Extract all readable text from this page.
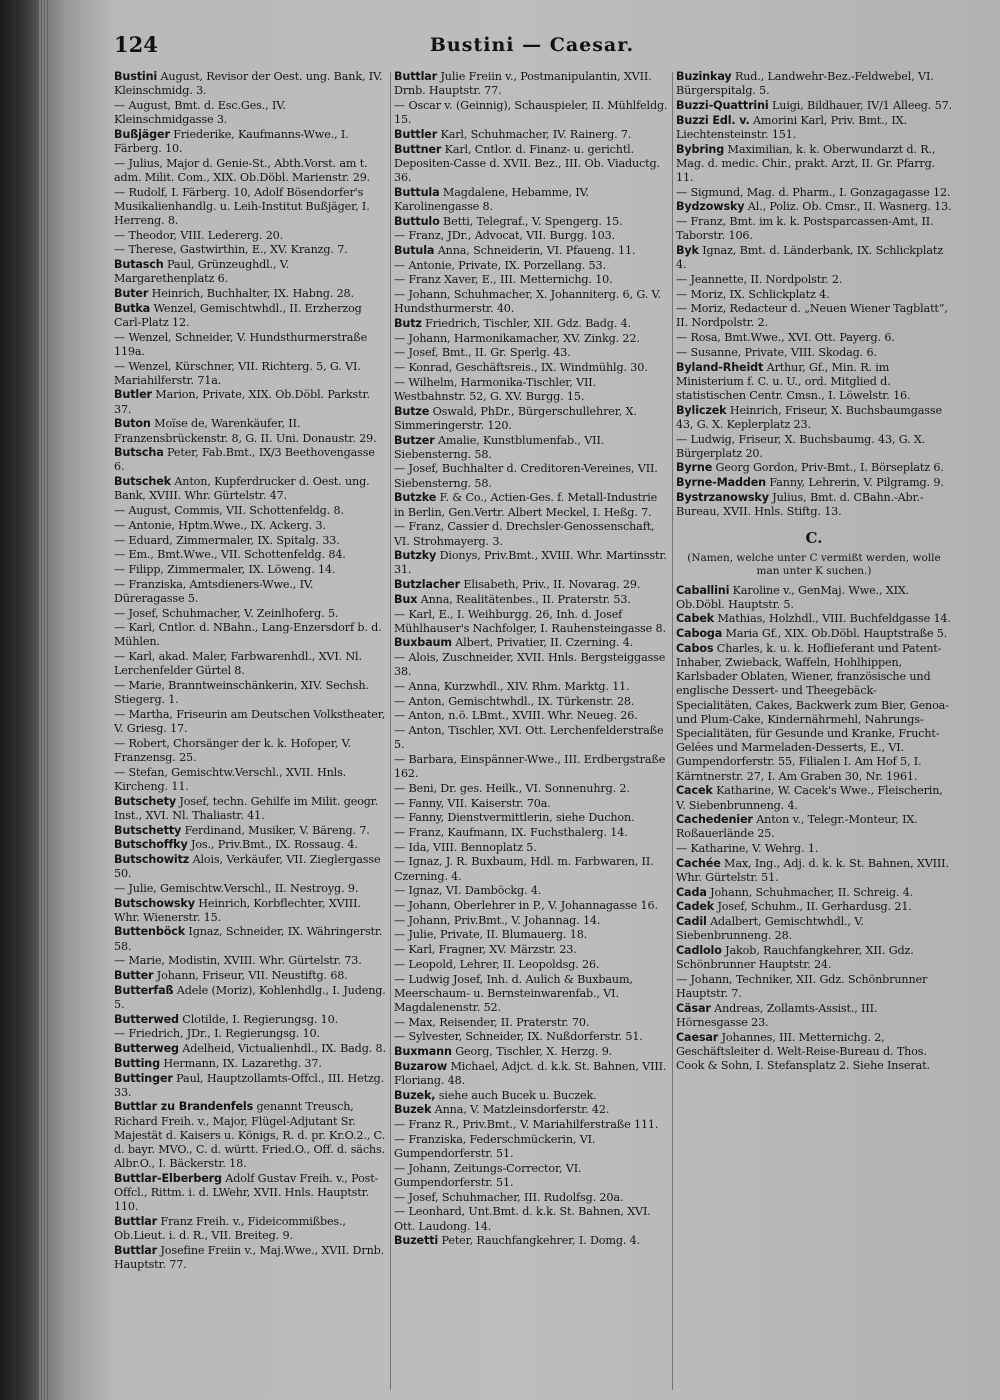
124	Bustini — Caesar.

Bustini August, Revisor der Oest. ung. Bank, IV. Kleinschmidg. 3.

— August, Bmt. d. Esc.Ges., IV. Kleinschmidgasse 3.

Bußjäger Friederike, Kaufmanns-Wwe., I. Färberg. 10.

— Julius, Major d. Genie-St., Abth.Vorst. am t. adm. Milit. Com., XIX. Ob.Döbl. Marienstr. 29.

— Rudolf, I. Färberg. 10, Adolf Bösendorfer's Musikalienhandlg. u. Leih-Institut Bußjäger, I. Herreng. 8.

— Theodor, VIII. Ledererg. 20.

— Therese, Gastwirthin, E., XV. Kranzg. 7.

Butasch Paul, Grünzeughdl., V. Margarethenplatz 6.

Buter Heinrich, Buchhalter, IX. Habng. 28.

Butka Wenzel, Gemischtwhdl., II. Erzherzog Carl-Platz 12.

— Wenzel, Schneider, V. Hundsthurmerstraße 119a.

— Wenzel, Kürschner, VII. Richterg. 5, G. VI. Mariahilferstr. 71a.

Butler Marion, Private, XIX. Ob.Döbl. Parkstr. 37.

Buton Moïse de, Warenkäufer, II. Franzensbrückenstr. 8, G. II. Uni. Donaustr. 29.

Butscha Peter, Fab.Bmt., IX/3 Beethovengasse 6.

Butschek Anton, Kupferdrucker d. Oest. ung. Bank, XVIII. Whr. Gürtelstr. 47.

— August, Commis, VII. Schottenfeldg. 8.

— Antonie, Hptm.Wwe., IX. Ackerg. 3.

— Eduard, Zimmermaler, IX. Spitalg. 33.

— Em., Bmt.Wwe., VII. Schottenfeldg. 84.

— Filipp, Zimmermaler, IX. Löweng. 14.

— Franziska, Amtsdieners-Wwe., IV. Düreragasse 5.

— Josef, Schuhmacher, V. Zeinlhoferg. 5.

— Karl, Cntlor. d. NBahn., Lang-Enzersdorf b. d. Mühlen.

— Karl, akad. Maler, Farbwarenhdl., XVI. Nl. Lerchenfelder Gürtel 8.

— Marie, Branntweinschänkerin, XIV. Sechsh. Stiegerg. 1.

— Martha, Friseurin am Deutschen Volkstheater, V. Griesg. 17.

— Robert, Chorsänger der k. k. Hofoper, V. Franzensg. 25.

— Stefan, Gemischtw.Verschl., XVII. Hnls. Kircheng. 11.

Butschety Josef, techn. Gehilfe im Milit. geogr. Inst., XVI. Nl. Thaliastr. 41.

Butschetty Ferdinand, Musiker, V. Bäreng. 7.

Butschoffky Jos., Priv.Bmt., IX. Rossaug. 4.

Butschowitz Alois, Verkäufer, VII. Zieglergasse 50.

— Julie, Gemischtw.Verschl., II. Nestroyg. 9.

Butschowsky Heinrich, Korbflechter, XVIII. Whr. Wienerstr. 15.

Buttenböck Ignaz, Schneider, IX. Währingerstr. 58.

— Marie, Modistin, XVIII. Whr. Gürtelstr. 73.

Butter Johann, Friseur, VII. Neustiftg. 68.

Butterfaß Adele (Moriz), Kohlenhdlg., I. Judeng. 5.

Butterwed Clotilde, I. Regierungsg. 10.

— Friedrich, JDr., I. Regierungsg. 10.

Butterweg Adelheid, Victualienhdl., IX. Badg. 8.

Butting Hermann, IX. Lazarethg. 37.

Buttinger Paul, Hauptzollamts-Offcl., III. Hetzg. 33.

Buttlar zu Brandenfels genannt Treusch, Richard Freih. v., Major, Flügel-Adjutant Sr. Majestät d. Kaisers u. Königs, R. d. pr. Kr.O.2., C. d. bayr. MVO., C. d. württ. Fried.O., Off. d. sächs. Albr.O., I. Bäckerstr. 18.

Buttlar-Elberberg Adolf Gustav Freih. v., Post-Offcl., Rittm. i. d. LWehr, XVII. Hnls. Hauptstr. 110.

Buttlar Franz Freih. v., Fideicommißbes., Ob.Lieut. i. d. R., VII. Breiteg. 9.

Buttlar Josefine Freiin v., Maj.Wwe., XVII. Drnb. Hauptstr. 77.

Buttlar Julie Freiin v., Postmanipulantin, XVII. Drnb. Hauptstr. 77.

— Oscar v. (Geinnig), Schauspieler, II. Mühlfeldg. 15.

Buttler Karl, Schuhmacher, IV. Rainerg. 7.

Buttner Karl, Cntlor. d. Finanz- u. gerichtl. Depositen-Casse d. XVII. Bez., III. Ob. Viaductg. 36.

Buttula Magdalene, Hebamme, IV. Karolinengasse 8.

Buttulo Betti, Telegraf., V. Spengerg. 15.

— Franz, JDr., Advocat, VII. Burgg. 103.

Butula Anna, Schneiderin, VI. Pfaueng. 11.

— Antonie, Private, IX. Porzellang. 53.

— Franz Xaver, E., III. Metternichg. 10.

— Johann, Schuhmacher, X. Johanniterg. 6, G. V. Hundsthurmerstr. 40.

Butz Friedrich, Tischler, XII. Gdz. Badg. 4.

— Johann, Harmonikamacher, XV. Zinkg. 22.

— Josef, Bmt., II. Gr. Sperlg. 43.

— Konrad, Geschäftsreis., IX. Windmühlg. 30.

— Wilhelm, Harmonika-Tischler, VII. Westbahnstr. 52, G. XV. Burgg. 15.

Butze Oswald, PhDr., Bürgerschullehrer, X. Simmeringerstr. 120.

Butzer Amalie, Kunstblumenfab., VII. Siebensterng. 58.

— Josef, Buchhalter d. Creditoren-Vereines, VII. Siebensterng. 58.

Butzke F. & Co., Actien-Ges. f. Metall-Industrie in Berlin, Gen.Vertr. Albert Meckel, I. Heßg. 7.

— Franz, Cassier d. Drechsler-Genossenschaft, VI. Strohmayerg. 3.

Butzky Dionys, Priv.Bmt., XVIII. Whr. Martinsstr. 31.

Butzlacher Elisabeth, Priv., II. Novarag. 29.

Bux Anna, Realitätenbes., II. Praterstr. 53.

— Karl, E., I. Weihburgg. 26, Inh. d. Josef Mühlhauser's Nachfolger, I. Rauhensteingasse 8.

Buxbaum Albert, Privatier, II. Czerning. 4.

— Alois, Zuschneider, XVII. Hnls. Bergsteiggasse 38.

— Anna, Kurzwhdl., XIV. Rhm. Marktg. 11.

— Anton, Gemischtwhdl., IX. Türkenstr. 28.

— Anton, n.ö. LBmt., XVIII. Whr. Neueg. 26.

— Anton, Tischler, XVI. Ott. Lerchenfelderstraße 5.

— Barbara, Einspänner-Wwe., III. Erdbergstraße 162.

— Beni, Dr. ges. Heilk., VI. Sonnenuhrg. 2.

— Fanny, VII. Kaiserstr. 70a.

— Fanny, Dienstvermittlerin, siehe Duchon.

— Franz, Kaufmann, IX. Fuchsthalerg. 14.

— Ida, VIII. Bennoplatz 5.

— Ignaz, J. R. Buxbaum, Hdl. m. Farbwaren, II. Czerning. 4.

— Ignaz, VI. Damböckg. 4.

— Johann, Oberlehrer in P., V. Johannagasse 16.

— Johann, Priv.Bmt., V. Johannag. 14.

— Julie, Private, II. Blumauerg. 18.

— Karl, Fragner, XV. Märzstr. 23.

— Leopold, Lehrer, II. Leopoldsg. 26.

— Ludwig Josef, Inh. d. Aulich & Buxbaum, Meerschaum- u. Bernsteinwarenfab., VI. Magdalenenstr. 52.

— Max, Reisender, II. Praterstr. 70.

— Sylvester, Schneider, IX. Nußdorferstr. 51.

Buxmann Georg, Tischler, X. Herzg. 9.

Buzarow Michael, Adjct. d. k.k. St. Bahnen, VIII. Floriang. 48.

Buzek, siehe auch Bucek u. Buczek.

Buzek Anna, V. Matzleinsdorferstr. 42.

— Franz R., Priv.Bmt., V. Mariahilferstraße 111.

— Franziska, Federschmückerin, VI. Gumpendorferstr. 51.

— Johann, Zeitungs-Corrector, VI. Gumpendorferstr. 51.

— Josef, Schuhmacher, III. Rudolfsg. 20a.

— Leonhard, Unt.Bmt. d. k.k. St. Bahnen, XVI. Ott. Laudong. 14.

Buzetti Peter, Rauchfangkehrer, I. Domg. 4.

Buzinkay Rud., Landwehr-Bez.-Feldwebel, VI. Bürgerspitalg. 5.

Buzzi-Quattrini Luigi, Bildhauer, IV/1 Alleeg. 57.

Buzzi Edl. v. Amorini Karl, Priv. Bmt., IX. Liechtensteinstr. 151.

Bybring Maximilian, k. k. Oberwundarzt d. R., Mag. d. medic. Chir., prakt. Arzt, II. Gr. Pfarrg. 11.

— Sigmund, Mag. d. Pharm., I. Gonzagagasse 12.

Bydzowsky Al., Poliz. Ob. Cmsr., II. Wasnerg. 13.

— Franz, Bmt. im k. k. Postsparcassen-Amt, II. Taborstr. 106.

Byk Ignaz, Bmt. d. Länderbank, IX. Schlickplatz 4.

— Jeannette, II. Nordpolstr. 2.

— Moriz, IX. Schlickplatz 4.

— Moriz, Redacteur d. „Neuen Wiener Tagblatt“, II. Nordpolstr. 2.

— Rosa, Bmt.Wwe., XVI. Ott. Payerg. 6.

— Susanne, Private, VIII. Skodag. 6.

Byland-Rheidt Arthur, Gf., Min. R. im Ministerium f. C. u. U., ord. Mitglied d. statistischen Centr. Cmsn., I. Löwelstr. 16.

Byliczek Heinrich, Friseur, X. Buchsbaumgasse 43, G. X. Keplerplatz 23.

— Ludwig, Friseur, X. Buchsbaumg. 43, G. X. Bürgerplatz 20.

Byrne Georg Gordon, Priv-Bmt., I. Börseplatz 6.

Byrne-Madden Fanny, Lehrerin, V. Pilgramg. 9.

Bystrzanowsky Julius, Bmt. d. CBahn.-Abr.-Bureau, XVII. Hnls. Stiftg. 13.

C.
(Namen, welche unter C vermißt werden, wolle man unter K suchen.)

Caballini Karoline v., GenMaj. Wwe., XIX. Ob.Döbl. Hauptstr. 5.

Cabek Mathias, Holzhdl., VIII. Buchfeldgasse 14.

Caboga Maria Gf., XIX. Ob.Döbl. Hauptstraße 5.

Cabos Charles, k. u. k. Hoflieferant und Patent-Inhaber, Zwieback, Waffeln, Hohlhippen, Karlsbader Oblaten, Wiener, französische und englische Dessert- und Theegebäck-Specialitäten, Cakes, Backwerk zum Bier, Genoa- und Plum-Cake, Kindernährmehl, Nahrungs-Specialitäten, für Gesunde und Kranke, Frucht-Gelées und Marmeladen-Desserts, E., VI. Gumpendorferstr. 55, Filialen I. Am Hof 5, I. Kärntnerstr. 27, I. Am Graben 30, Nr. 1961.

Cacek Katharine, W. Cacek's Wwe., Fleischerin, V. Siebenbrunneng. 4.

Cachedenier Anton v., Telegr.-Monteur, IX. Roßauerlände 25.

— Katharine, V. Wehrg. 1.

Cachée Max, Ing., Adj. d. k. k. St. Bahnen, XVIII. Whr. Gürtelstr. 51.

Cada Johann, Schuhmacher, II. Schreig. 4.

Cadek Josef, Schuhm., II. Gerhardusg. 21.

Cadil Adalbert, Gemischtwhdl., V. Siebenbrunneng. 28.

Cadlolo Jakob, Rauchfangkehrer, XII. Gdz. Schönbrunner Hauptstr. 24.

— Johann, Techniker, XII. Gdz. Schönbrunner Hauptstr. 7.

Cäsar Andreas, Zollamts-Assist., III. Hörnesgasse 23.

Caesar Johannes, III. Metternichg. 2, Geschäftsleiter d. Welt-Reise-Bureau d. Thos. Cook & Sohn, I. Stefansplatz 2. Siehe Inserat.
